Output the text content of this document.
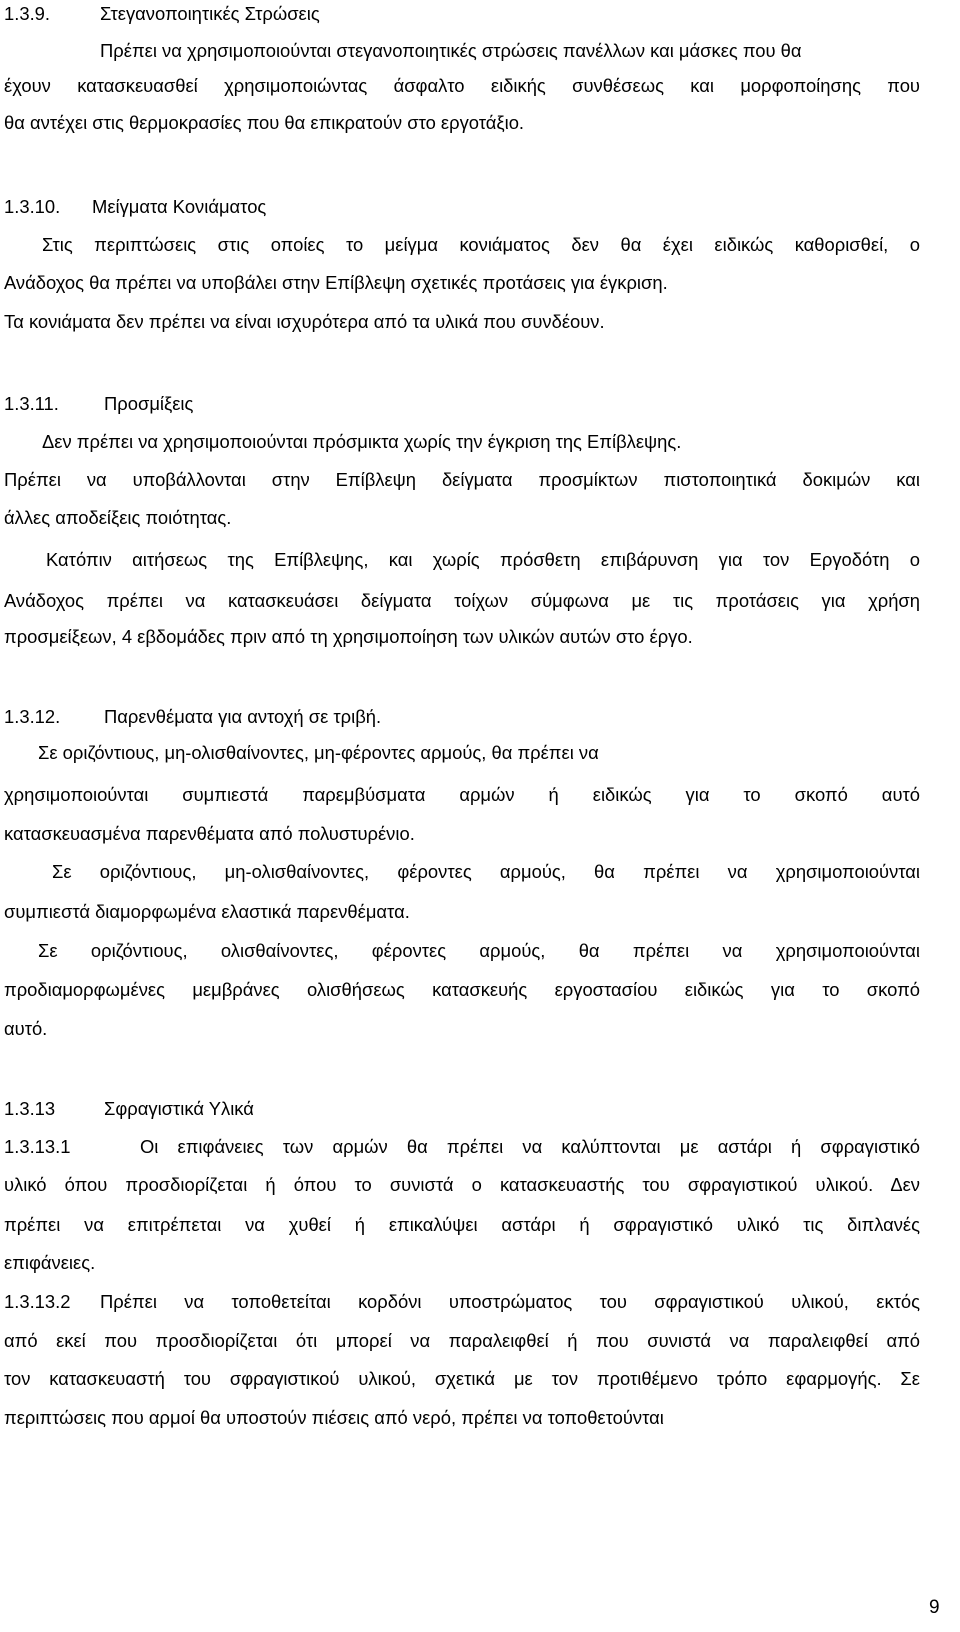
1.3.9.	Στεγανοποιητικές Στρώσεις
Πρέπει να χρησιμοποιούνται στεγανοποιητικές στρώσεις πανέλλων και μάσκες που θα
έχουν κατασκευασθεί χρησιμοποιώντας άσφαλτο ειδικής συνθέσεως και μορφοποίησης που
θα αντέχει στις θερμοκρασίες που θα επικρατούν στο εργοτάξιο.
1.3.10. Μείγματα Κονιάματος
Στις περιπτώσεις στις οποίες το μείγμα κονιάματος δεν θα έχει ειδικώς καθορισθεί, ο
Ανάδοχος θα πρέπει να υποβάλει στην Επίβλεψη σχετικές προτάσεις για έγκριση.
Τα κονιάματα δεν πρέπει να είναι ισχυρότερα από τα υλικά που συνδέουν.
1.3.11. Προσμίξεις
Δεν πρέπει να χρησιμοποιούνται πρόσμικτα χωρίς την έγκριση της Επίβλεψης.
Πρέπει να υποβάλλονται στην Επίβλεψη δείγματα προσμίκτων πιστοποιητικά δοκιμών και
άλλες αποδείξεις ποιότητας.
Κατόπιν αιτήσεως της Επίβλεψης, και χωρίς πρόσθετη επιβάρυνση για τον Εργοδότη ο
Ανάδοχος πρέπει να κατασκευάσει δείγματα τοίχων σύμφωνα με τις προτάσεις για χρήση
προσμείξεων, 4 εβδομάδες πριν από τη χρησιμοποίηση των υλικών αυτών στο έργο.
1.3.12. Παρενθέματα για αντοχή σε τριβή.
Σε οριζόντιους, μη-ολισθαίνοντες, μη-φέροντες αρμούς, θα πρέπει να
χρησιμοποιούνται συμπιεστά παρεμβύσματα αρμών ή ειδικώς για το σκοπό αυτό
κατασκευασμένα παρενθέματα από πολυστυρένιο.
Σε οριζόντιους, μη-ολισθαίνοντες, φέροντες αρμούς, θα πρέπει να χρησιμοποιούνται
συμπιεστά διαμορφωμένα ελαστικά παρενθέματα.
Σε οριζόντιους, ολισθαίνοντες, φέροντες αρμούς, θα πρέπει να χρησιμοποιούνται
προδιαμορφωμένες μεμβράνες ολισθήσεως κατασκευής εργοστασίου ειδικώς για το σκοπό
αυτό.
1.3.13	Σφραγιστικά Υλικά
1.3.13.1	Οι επιφάνειες των αρμών θα πρέπει να καλύπτονται με αστάρι ή σφραγιστικό
υλικό όπου προσδιορίζεται ή όπου το συνιστά ο κατασκευαστής του σφραγιστικού υλικού. Δεν
πρέπει να επιτρέπεται να χυθεί ή επικαλύψει αστάρι ή σφραγιστικό υλικό τις διπλανές
επιφάνειες.
1.3.13.2 Πρέπει να τοποθετείται κορδόνι υποστρώματος του σφραγιστικού υλικού, εκτός
από εκεί που προσδιορίζεται ότι μπορεί να παραλειφθεί ή που συνιστά να παραλειφθεί από
τον κατασκευαστή του σφραγιστικού υλικού, σχετικά με τον προτιθέμενο τρόπο εφαρμογής. Σε
περιπτώσεις που αρμοί θα υποστούν πιέσεις από νερό, πρέπει να τοποθετούνται
9
